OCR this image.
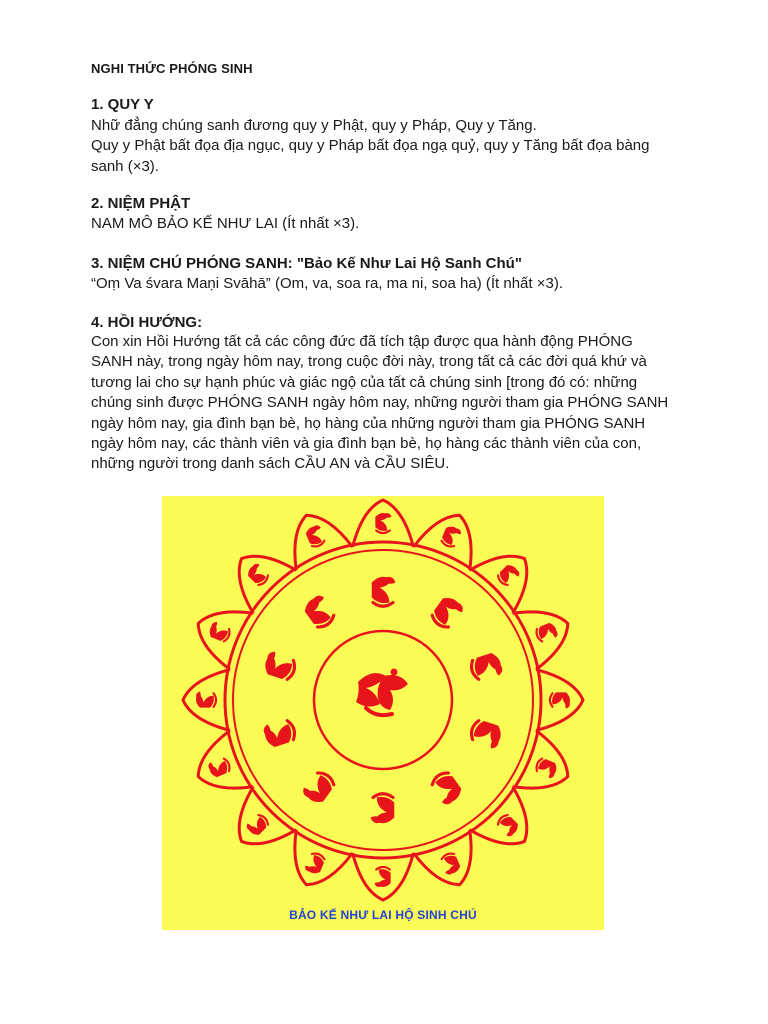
NGHI THỨC PHÓNG SINH
1. QUY Y
Nhữ đẳng chúng sanh đương quy y Phật, quy y Pháp, Quy y Tăng.
Quy y Phật bất đọa địa ngục, quy y Pháp bất đọa ngạ quỷ, quy y Tăng bất đọa bàng
sanh (×3).
2. NIỆM PHẬT
NAM MÔ BẢO KẾ NHƯ LAI (Ít nhất ×3).
3. NIỆM CHÚ PHÓNG SANH: "Bảo Kế Như Lai Hộ Sanh Chú"
“Oṃ Va śvara Maṇi Svāhā” (Om, va, soa ra, ma ni, soa ha) (Ít nhất ×3).
4. HỒI HƯỚNG:
Con xin Hồi Hướng tất cả các công đức đã tích tập được qua hành động PHÓNG
SANH này, trong ngày hôm nay, trong cuộc đời này, trong tất cả các đời quá khứ và
tương lai cho sự hạnh phúc và giác ngộ của tất cả chúng sinh [trong đó có: những
chúng sinh được PHÓNG SANH ngày hôm nay, những người tham gia PHÓNG SANH
ngày hôm nay, gia đình bạn bè, họ hàng của những người tham gia PHÓNG SANH
ngày hôm nay, các thành viên và gia đình bạn bè, họ hàng các thành viên của con,
những người trong danh sách CẦU AN và CẦU SIÊU.
BẢO KẾ NHƯ LAI HỘ SINH CHÚ
